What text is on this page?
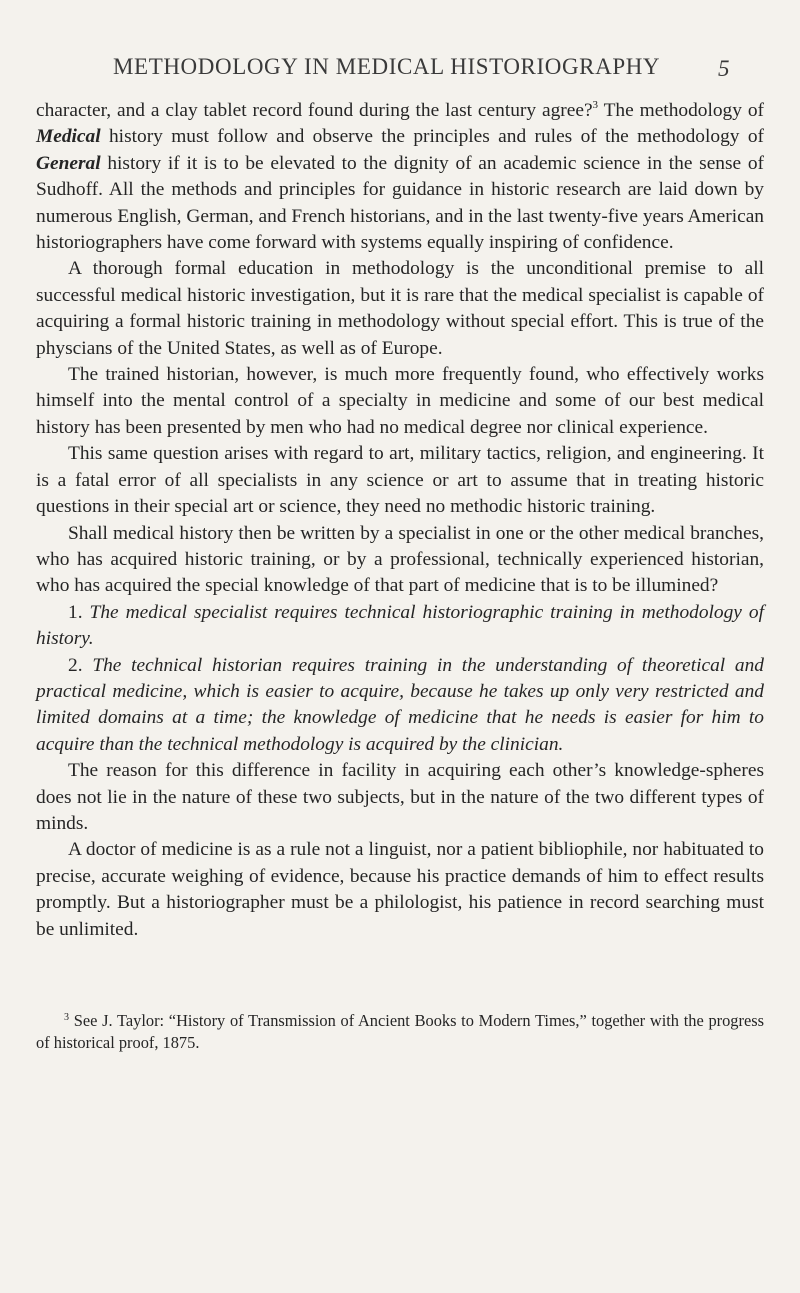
METHODOLOGY IN MEDICAL HISTORIOGRAPHY	5

character, and a clay tablet record found during the last century agree?$^3$ The methodology of Medical history must follow and observe the principles and rules of the methodology of General history if it is to be elevated to the dignity of an academic science in the sense of Sudhoff. All the methods and principles for guidance in historic research are laid down by numerous English, German, and French historians, and in the last twenty-five years American historiographers have come forward with systems equally inspiring of confidence.

A thorough formal education in methodology is the unconditional premise to all successful medical historic investigation, but it is rare that the medical specialist is capable of acquiring a formal historic training in methodology without special effort. This is true of the physcians of the United States, as well as of Europe.

The trained historian, however, is much more frequently found, who effectively works himself into the mental control of a specialty in medicine and some of our best medical history has been presented by men who had no medical degree nor clinical experience.

This same question arises with regard to art, military tactics, religion, and engineering. It is a fatal error of all specialists in any science or art to assume that in treating historic questions in their special art or science, they need no methodic historic training.

Shall medical history then be written by a specialist in one or the other medical branches, who has acquired historic training, or by a professional, technically experienced historian, who has acquired the special knowledge of that part of medicine that is to be illumined?

1. The medical specialist requires technical historiographic training in methodology of history.

2. The technical historian requires training in the understanding of theoretical and practical medicine, which is easier to acquire, because he takes up only very restricted and limited domains at a time; the knowledge of medicine that he needs is easier for him to acquire than the technical methodology is acquired by the clinician.

The reason for this difference in facility in acquiring each other’s knowledge-spheres does not lie in the nature of these two subjects, but in the nature of the two different types of minds.

A doctor of medicine is as a rule not a linguist, nor a patient bibliophile, nor habituated to precise, accurate weighing of evidence, because his practice demands of him to effect results promptly. But a historiographer must be a philologist, his patience in record searching must be unlimited.

$^3$ See J. Taylor: “History of Transmission of Ancient Books to Modern Times,” together with the progress of historical proof, 1875.
